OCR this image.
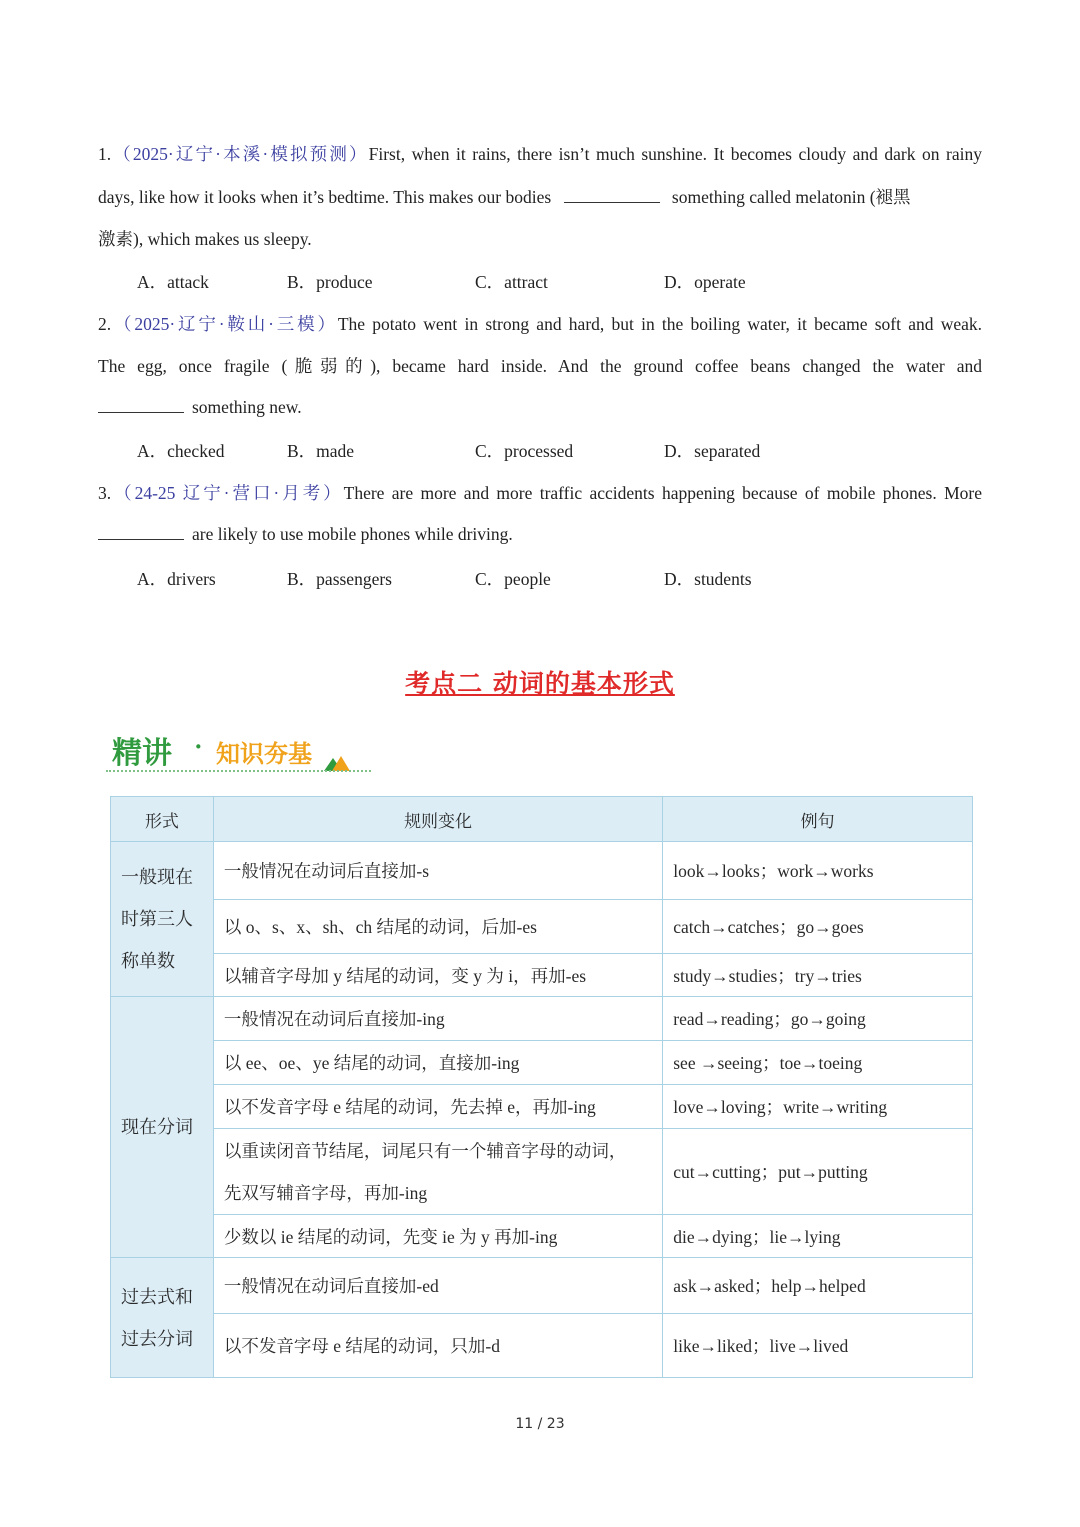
1.（2025·辽宁·本溪·模拟预测）First, when it rains, there isn’t much sunshine. It becomes cloudy and dark on rainy
days, like how it looks when it’s bedtime. This makes our bodies	something called melatonin (褪黑
激素), which makes us sleepy.
A．attack	B．produce	C．attract	D．operate
2.（2025·辽宁·鞍山·三模）The potato went in strong and hard, but in the boiling water, it became soft and weak.
The egg, once fragile (脆弱的), became hard inside. And the ground coffee beans changed the water and
something new.
A．checked	B．made	C．processed	D．separated
3.（24-25 辽宁·营口·月考）There are more and more traffic accidents happening because of mobile phones. More
are likely to use mobile phones while driving.
A．drivers	B．passengers	C．people	D．students
考点二 动词的基本形式
精讲 · 知识夯基
形式	规则变化	例句

一般现在
时第三人
称单数	一般情况在动词后直接加-s	look→looks；work→works
	以 o、s、x、sh、ch 结尾的动词，后加-es	catch→catches；go→goes
	以辅音字母加 y 结尾的动词，变 y 为 i，再加-es	study→studies；try→tries

现在分词	一般情况在动词后直接加-ing	read→reading；go→going
	以 ee、oe、ye 结尾的动词，直接加-ing	see →seeing；toe→toeing
	以不发音字母 e 结尾的动词，先去掉 e，再加-ing	love→loving；write→writing

	以重读闭音节结尾，词尾只有一个辅音字母的动词，
先双写辅音字母，再加-ing	cut→cutting；put→putting
	少数以 ie 结尾的动词，先变 ie 为 y 再加-ing	die→dying；lie→lying

过去式和
过去分词	一般情况在动词后直接加-ed	ask→asked；help→helped
	以不发音字母 e 结尾的动词，只加-d	like→liked；live→lived
11 / 23
